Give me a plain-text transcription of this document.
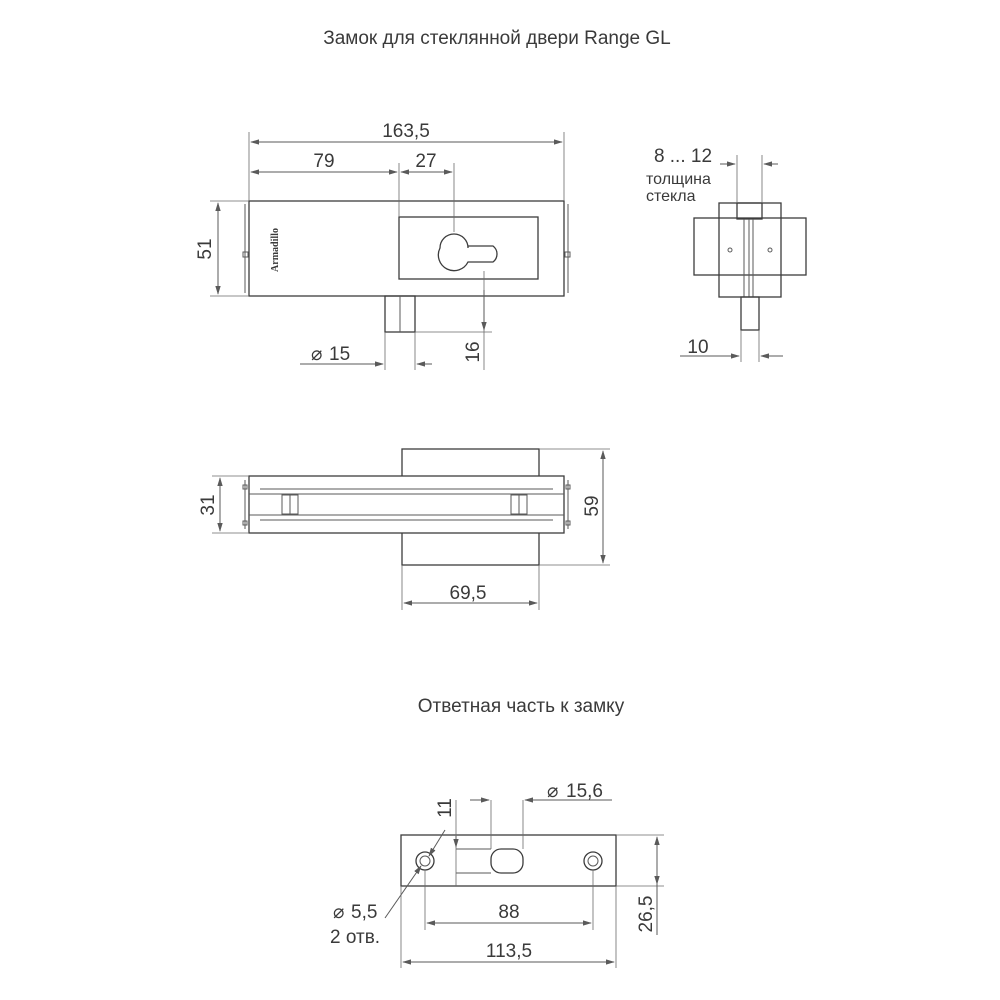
Замок для стеклянной двери Range GL
Ответная часть к замку
Armadillo
163,5
79	27
51
⌀ 15	16
8 ... 12
толщина
стекла
10
31	59
69,5
11
⌀ 15,6
⌀ 5,5
2 отв.
88
113,5
26,5
